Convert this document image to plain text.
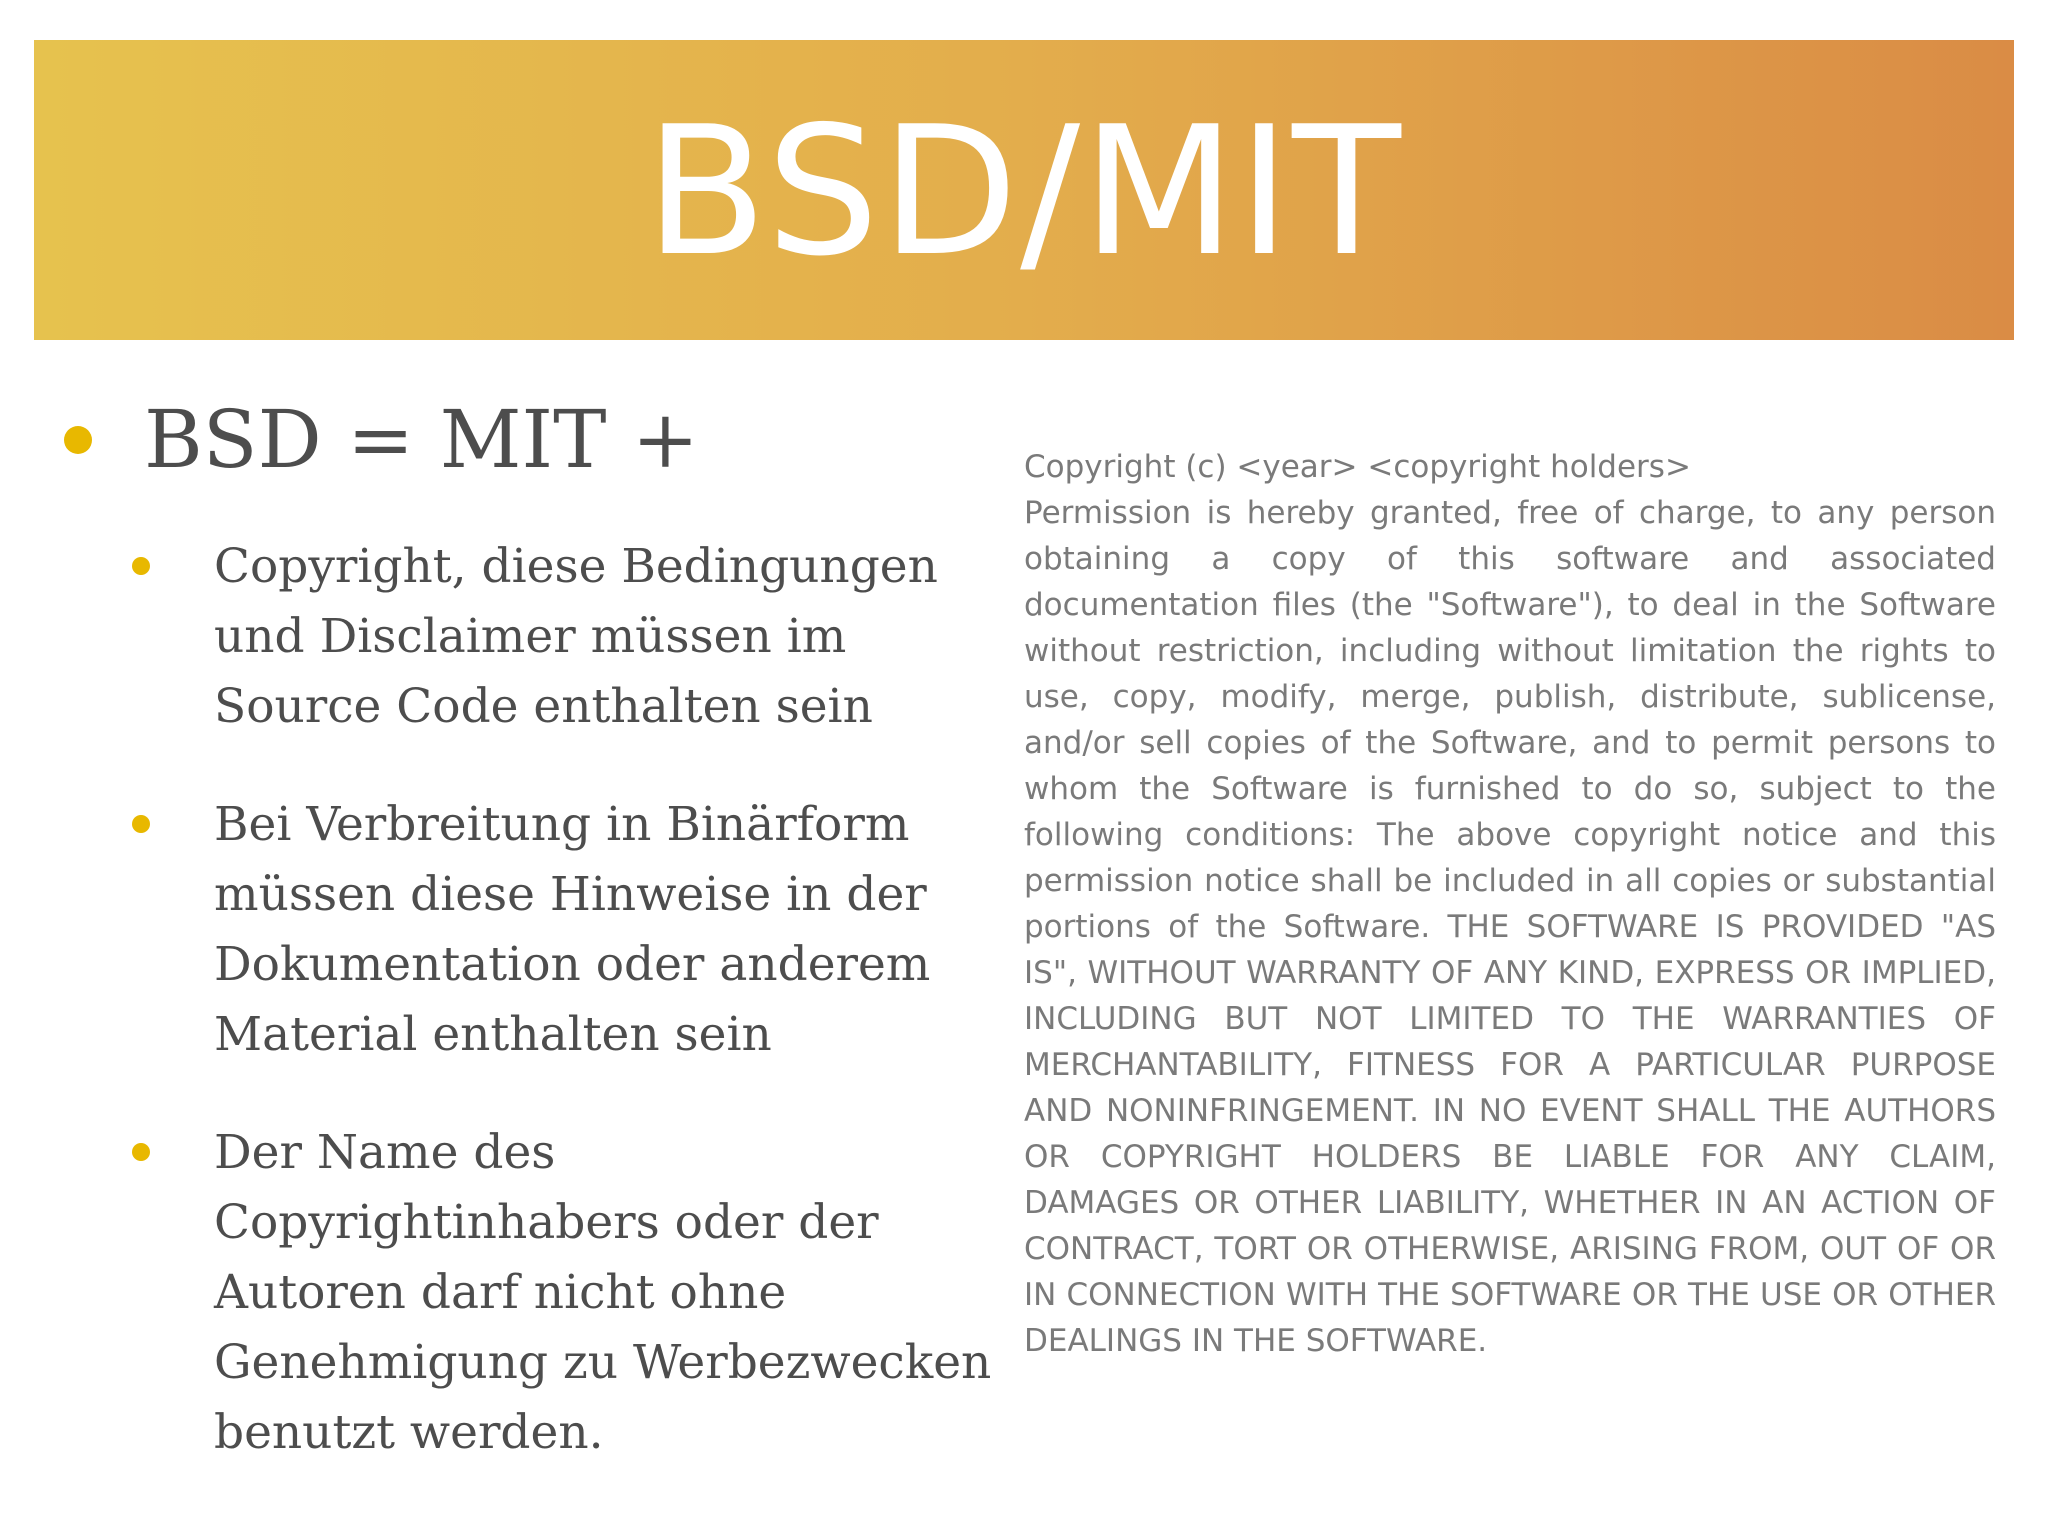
BSD/MIT
BSD = MIT +
Copyright, diese Bedingungen und Disclaimer müssen im Source Code enthalten sein
Bei Verbreitung in Binärform müssen diese Hinweise in der Dokumentation oder anderem Material enthalten sein
Der Name des Copyrightinhabers oder der Autoren darf nicht ohne Genehmigung zu Werbezwecken benutzt werden.
Copyright (c) <year> <copyright holders>
Permission is hereby granted, free of charge, to any person obtaining a copy of this software and associated documentation files (the "Software"), to deal in the Software without restriction, including without limitation the rights to use, copy, modify, merge, publish, distribute, sublicense, and/or sell copies of the Software, and to permit persons to whom the Software is furnished to do so, subject to the following conditions: The above copyright notice and this permission notice shall be included in all copies or substantial portions of the Software. THE SOFTWARE IS PROVIDED "AS IS", WITHOUT WARRANTY OF ANY KIND, EXPRESS OR IMPLIED, INCLUDING BUT NOT LIMITED TO THE WARRANTIES OF MERCHANTABILITY, FITNESS FOR A PARTICULAR PURPOSE AND NONINFRINGEMENT. IN NO EVENT SHALL THE AUTHORS OR COPYRIGHT HOLDERS BE LIABLE FOR ANY CLAIM, DAMAGES OR OTHER LIABILITY, WHETHER IN AN ACTION OF CONTRACT, TORT OR OTHERWISE, ARISING FROM, OUT OF OR IN CONNECTION WITH THE SOFTWARE OR THE USE OR OTHER DEALINGS IN THE SOFTWARE.
